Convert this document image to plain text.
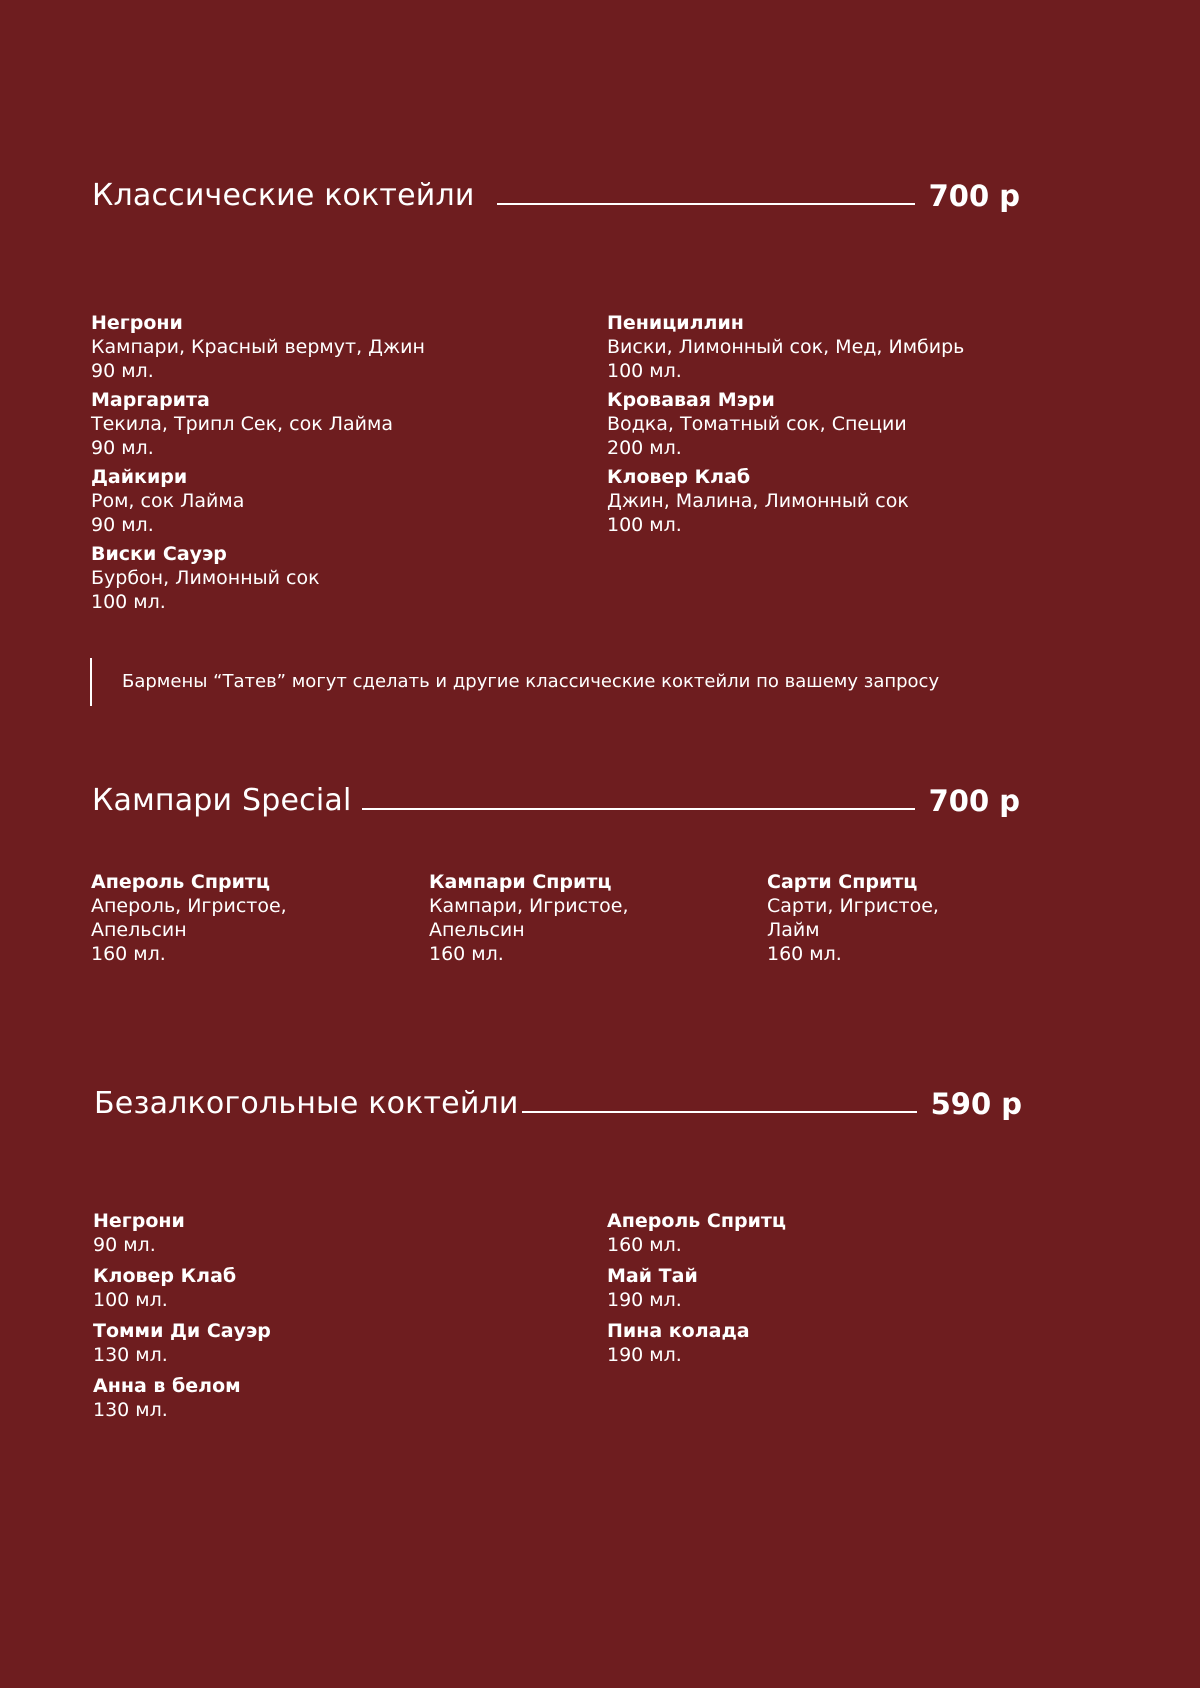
Классические коктейли	700 р
Негрони
Кампари, Красный вермут, Джин
90 мл.
Маргарита
Текила, Трипл Сек, сок Лайма
90 мл.
Дайкири
Ром, сок Лайма
90 мл.
Виски Сауэр
Бурбон, Лимонный сок
100 мл.
Пенициллин
Виски, Лимонный сок, Мед, Имбирь
100 мл.
Кровавая Мэри
Водка, Томатный сок, Специи
200 мл.
Кловер Клаб
Джин, Малина, Лимонный сок
100 мл.
Бармены “Татев” могут сделать и другие классические коктейли по вашему запросу
Кампари Special	700 р
Апероль Спритц
Апероль, Игристое,
Апельсин
160 мл.
Кампари Спритц
Кампари, Игристое,
Апельсин
160 мл.
Сарти Спритц
Сарти, Игристое,
Лайм
160 мл.
Безалкогольные коктейли	590 р
Негрони
90 мл.
Кловер Клаб
100 мл.
Томми Ди Сауэр
130 мл.
Анна в белом
130 мл.
Апероль Спритц
160 мл.
Май Тай
190 мл.
Пина колада
190 мл.
